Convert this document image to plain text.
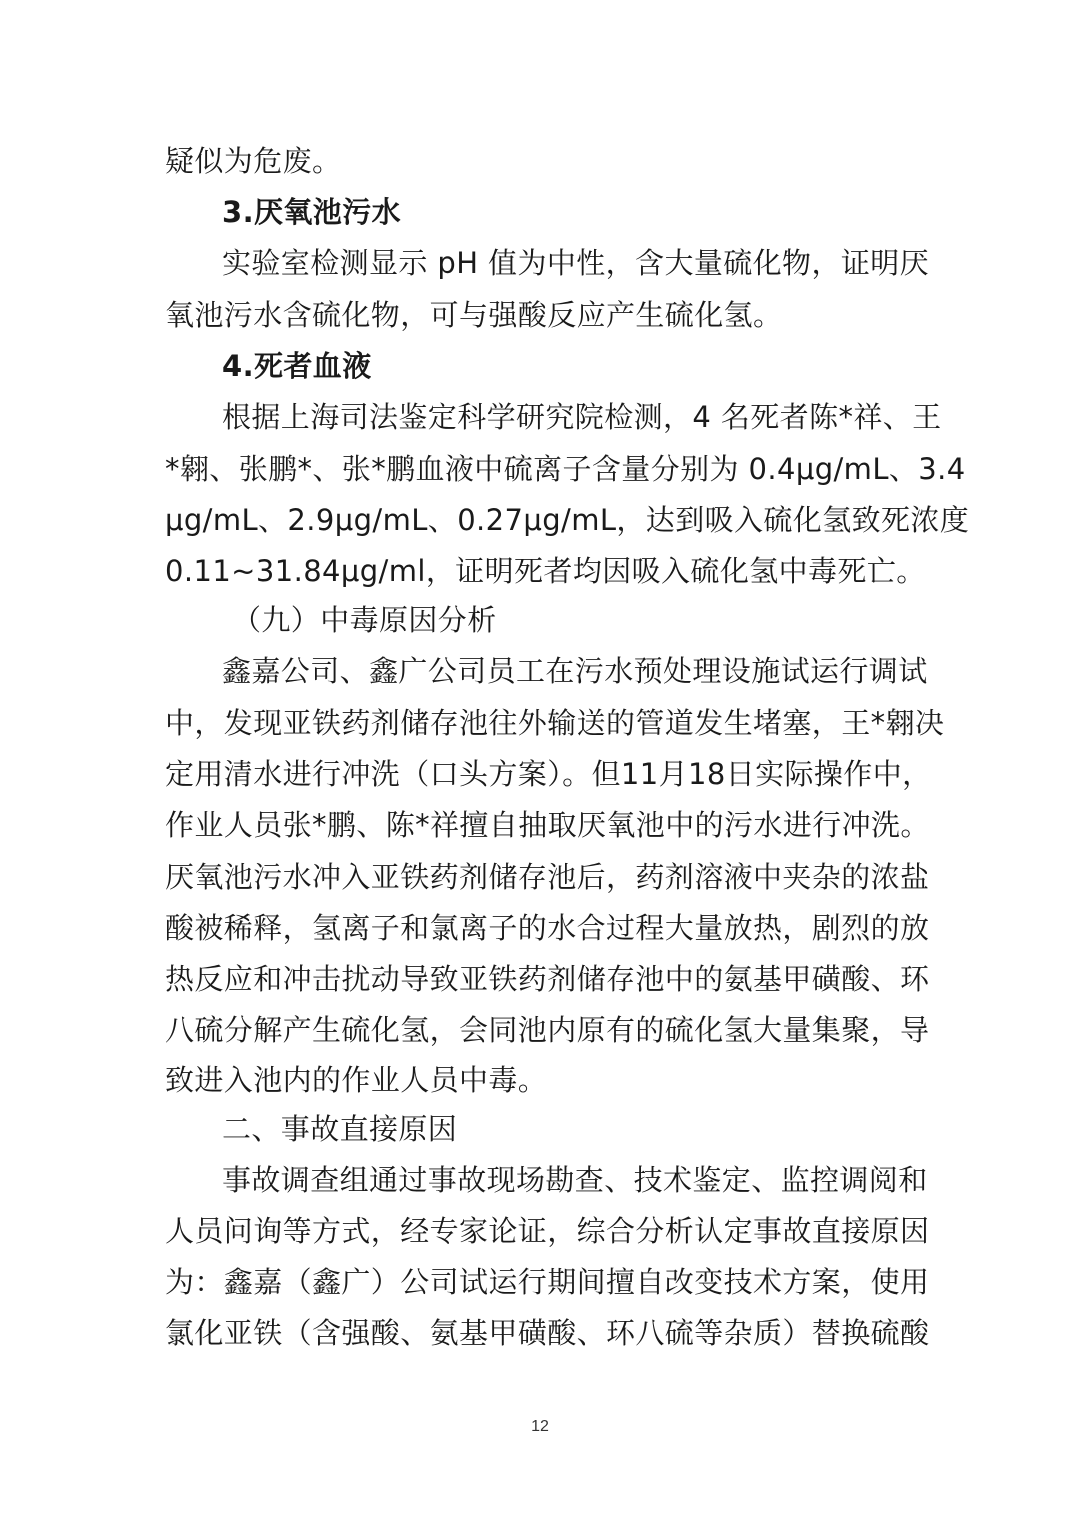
疑似为危废。
3.厌氧池污水
实验室检测显示 pH 值为中性，含大量硫化物，证明厌
氧池污水含硫化物，可与强酸反应产生硫化氢。
4.死者血液
根据上海司法鉴定科学研究院检测，4 名死者陈*祥、王
*翱、张鹏*、张*鹏血液中硫离子含量分别为 0.4μg/mL、3.4
μg/mL、2.9μg/mL、0.27μg/mL，达到吸入硫化氢致死浓度
0.11~31.84μg/ml，证明死者均因吸入硫化氢中毒死亡。
（九）中毒原因分析
鑫嘉公司、鑫广公司员工在污水预处理设施试运行调试
中，发现亚铁药剂储存池往外输送的管道发生堵塞，王*翱决
定用清水进行冲洗（口头方案）。但11月18日实际操作中，
作业人员张*鹏、陈*祥擅自抽取厌氧池中的污水进行冲洗。
厌氧池污水冲入亚铁药剂储存池后，药剂溶液中夹杂的浓盐
酸被稀释，氢离子和氯离子的水合过程大量放热，剧烈的放
热反应和冲击扰动导致亚铁药剂储存池中的氨基甲磺酸、环
八硫分解产生硫化氢，会同池内原有的硫化氢大量集聚，导
致进入池内的作业人员中毒。
二、事故直接原因
事故调查组通过事故现场勘查、技术鉴定、监控调阅和
人员问询等方式，经专家论证，综合分析认定事故直接原因
为：鑫嘉（鑫广）公司试运行期间擅自改变技术方案，使用
氯化亚铁（含强酸、氨基甲磺酸、环八硫等杂质）替换硫酸
12
